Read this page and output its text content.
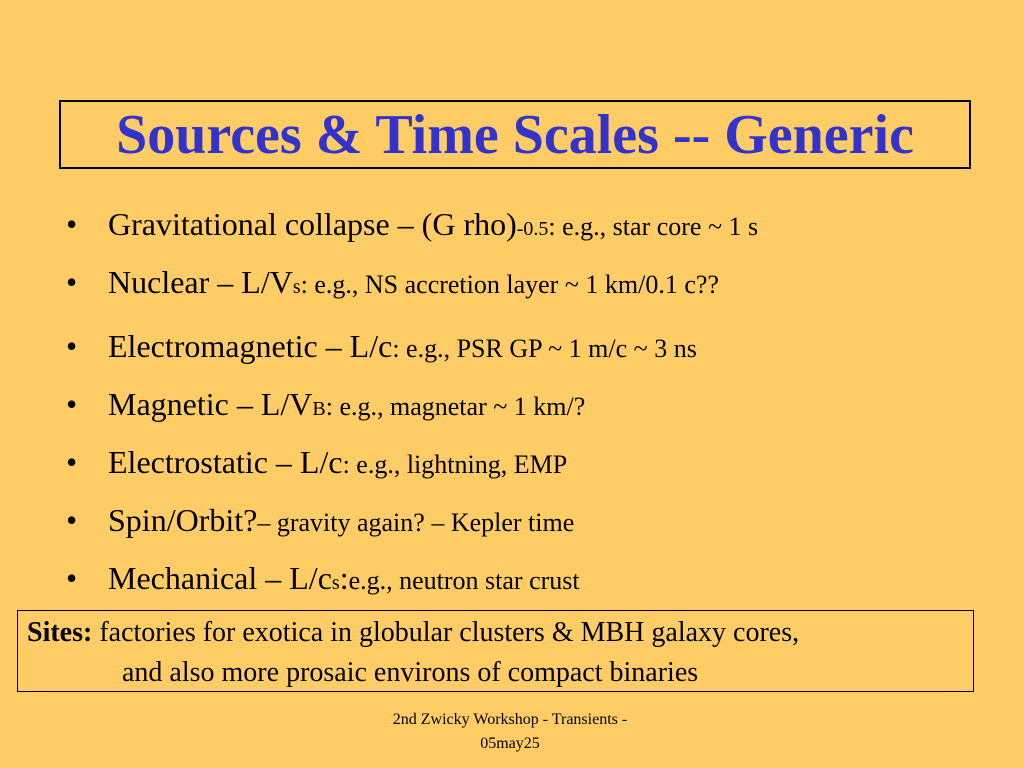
Sources & Time Scales -- Generic
• Gravitational collapse – (G rho) -0.5 : e.g., star core ~ 1 s
• Nuclear – L/V s : e.g., NS accretion layer ~ 1 km/0.1 c??
• Electromagnetic – L/c : e.g., PSR GP ~ 1 m/c ~ 3 ns
• Magnetic – L/V B : e.g., magnetar ~ 1 km/?
• Electrostatic – L/c : e.g., lightning, EMP
• Spin/Orbit? – gravity again? – Kepler time
• Mechanical – L/c s : e.g., neutron star crust
Sites: factories for exotica in globular clusters & MBH galaxy cores,
and also more prosaic environs of compact binaries
2nd Zwicky Workshop - Transients -
05may25
